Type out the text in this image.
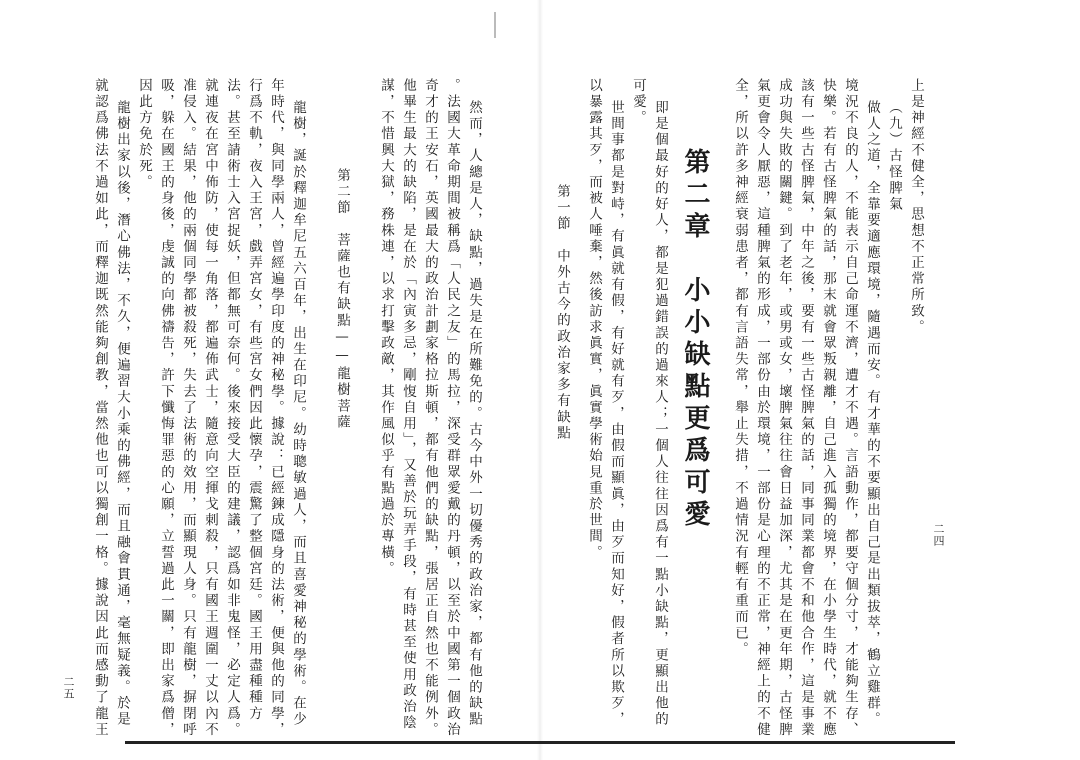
二四
上是神經不健全，思想不正常所致。
（九）古怪脾氣
做人之道，全靠要適應環境，隨遇而安。有才華的不要顯出自己是出類拔萃，鶴立雞群。
境況不良的人，不能表示自己命運不濟，遭才不遇。言語動作，都要守個分寸，才能夠生存、
快樂。若有古怪脾氣的話，那末就會眾叛親離，自己進入孤獨的境界，在小學生時代，就不應
該有一些古怪脾氣，中年之後，要有一些古怪脾氣的話，同事同業都會不和他合作，這是事業
成功與失敗的關鍵。到了老年，或男或女，壞脾氣往往會日益加深，尤其是在更年期，古怪脾
氣更會令人厭惡，這種脾氣的形成，一部份由於環境，一部份是心理的不正常，神經上的不健
全，所以許多神經衰弱患者，都有言語失常，舉止失措，不過情況有輕有重而已。
第二章　小小缺點更爲可愛
即是個最好的好人，都是犯過錯誤的過來人；一個人往往因爲有一點小缺點，更顯出他的
可愛。
世間事都是對峙，有眞就有假，有好就有歹，由假而顯眞，由歹而知好，假者所以欺歹，
以暴露其歹，而被人唾棄，然後訪求眞實，眞實學術始見重於世間。
第一節　中外古今的政治家多有缺點
二五	然而，人總是人，缺點，過失是在所難免的。古今中外一切優秀的政治家，都有他的缺點
。法國大革命期間被稱爲「人民之友」的馬拉，深受群眾愛戴的丹頓，以至於中國第一個政治
奇才的王安石，英國最大的政治計劃家格拉斯頓，都有他們的缺點，張居正自然也不能例外。
他畢生最大的缺陷，是在於「內寅多忌，剛愎自用」，又善於玩弄手段，有時甚至使用政治陰
謀，不惜興大獄，務株連，以求打擊政敵，其作風似乎有點過於專橫。
第二節　菩薩也有缺點——龍樹菩薩
龍樹，誕於釋迦牟尼五六百年，出生在印尼。幼時聰敏過人，而且喜愛神秘的學術。在少
年時代，與同學兩人，曾經遍學印度的神秘學。據說：已經鍊成隱身的法術，便與他的同學，
行爲不軌，夜入王宮，戲弄宮女，有些宮女們因此懷孕，震驚了整個宮廷。國王用盡種種方
法。甚至請術士入宮捉妖，但都無可奈何。後來接受大臣的建議，認爲如非鬼怪，必定人爲。
就連夜在宮中佈防，使每一角落，都遍佈武士，隨意向空揮戈刺殺，只有國王週圍一丈以內不
准侵入。結果，他的兩個同學都被殺死，失去了法術的效用，而顯現人身。只有龍樹，摒閉呼
吸，躲在國王的身後，虔誠的向佛禱告，許下懺悔罪惡的心願，立誓過此一關，即出家爲僧，
因此方免於死。
龍樹出家以後，潛心佛法，不久，便遍習大小乘的佛經，而且融會貫通，毫無疑義。於是
就認爲佛法不過如此，而釋迦既然能夠創教，當然他也可以獨創一格。據說因此而感動了龍王
